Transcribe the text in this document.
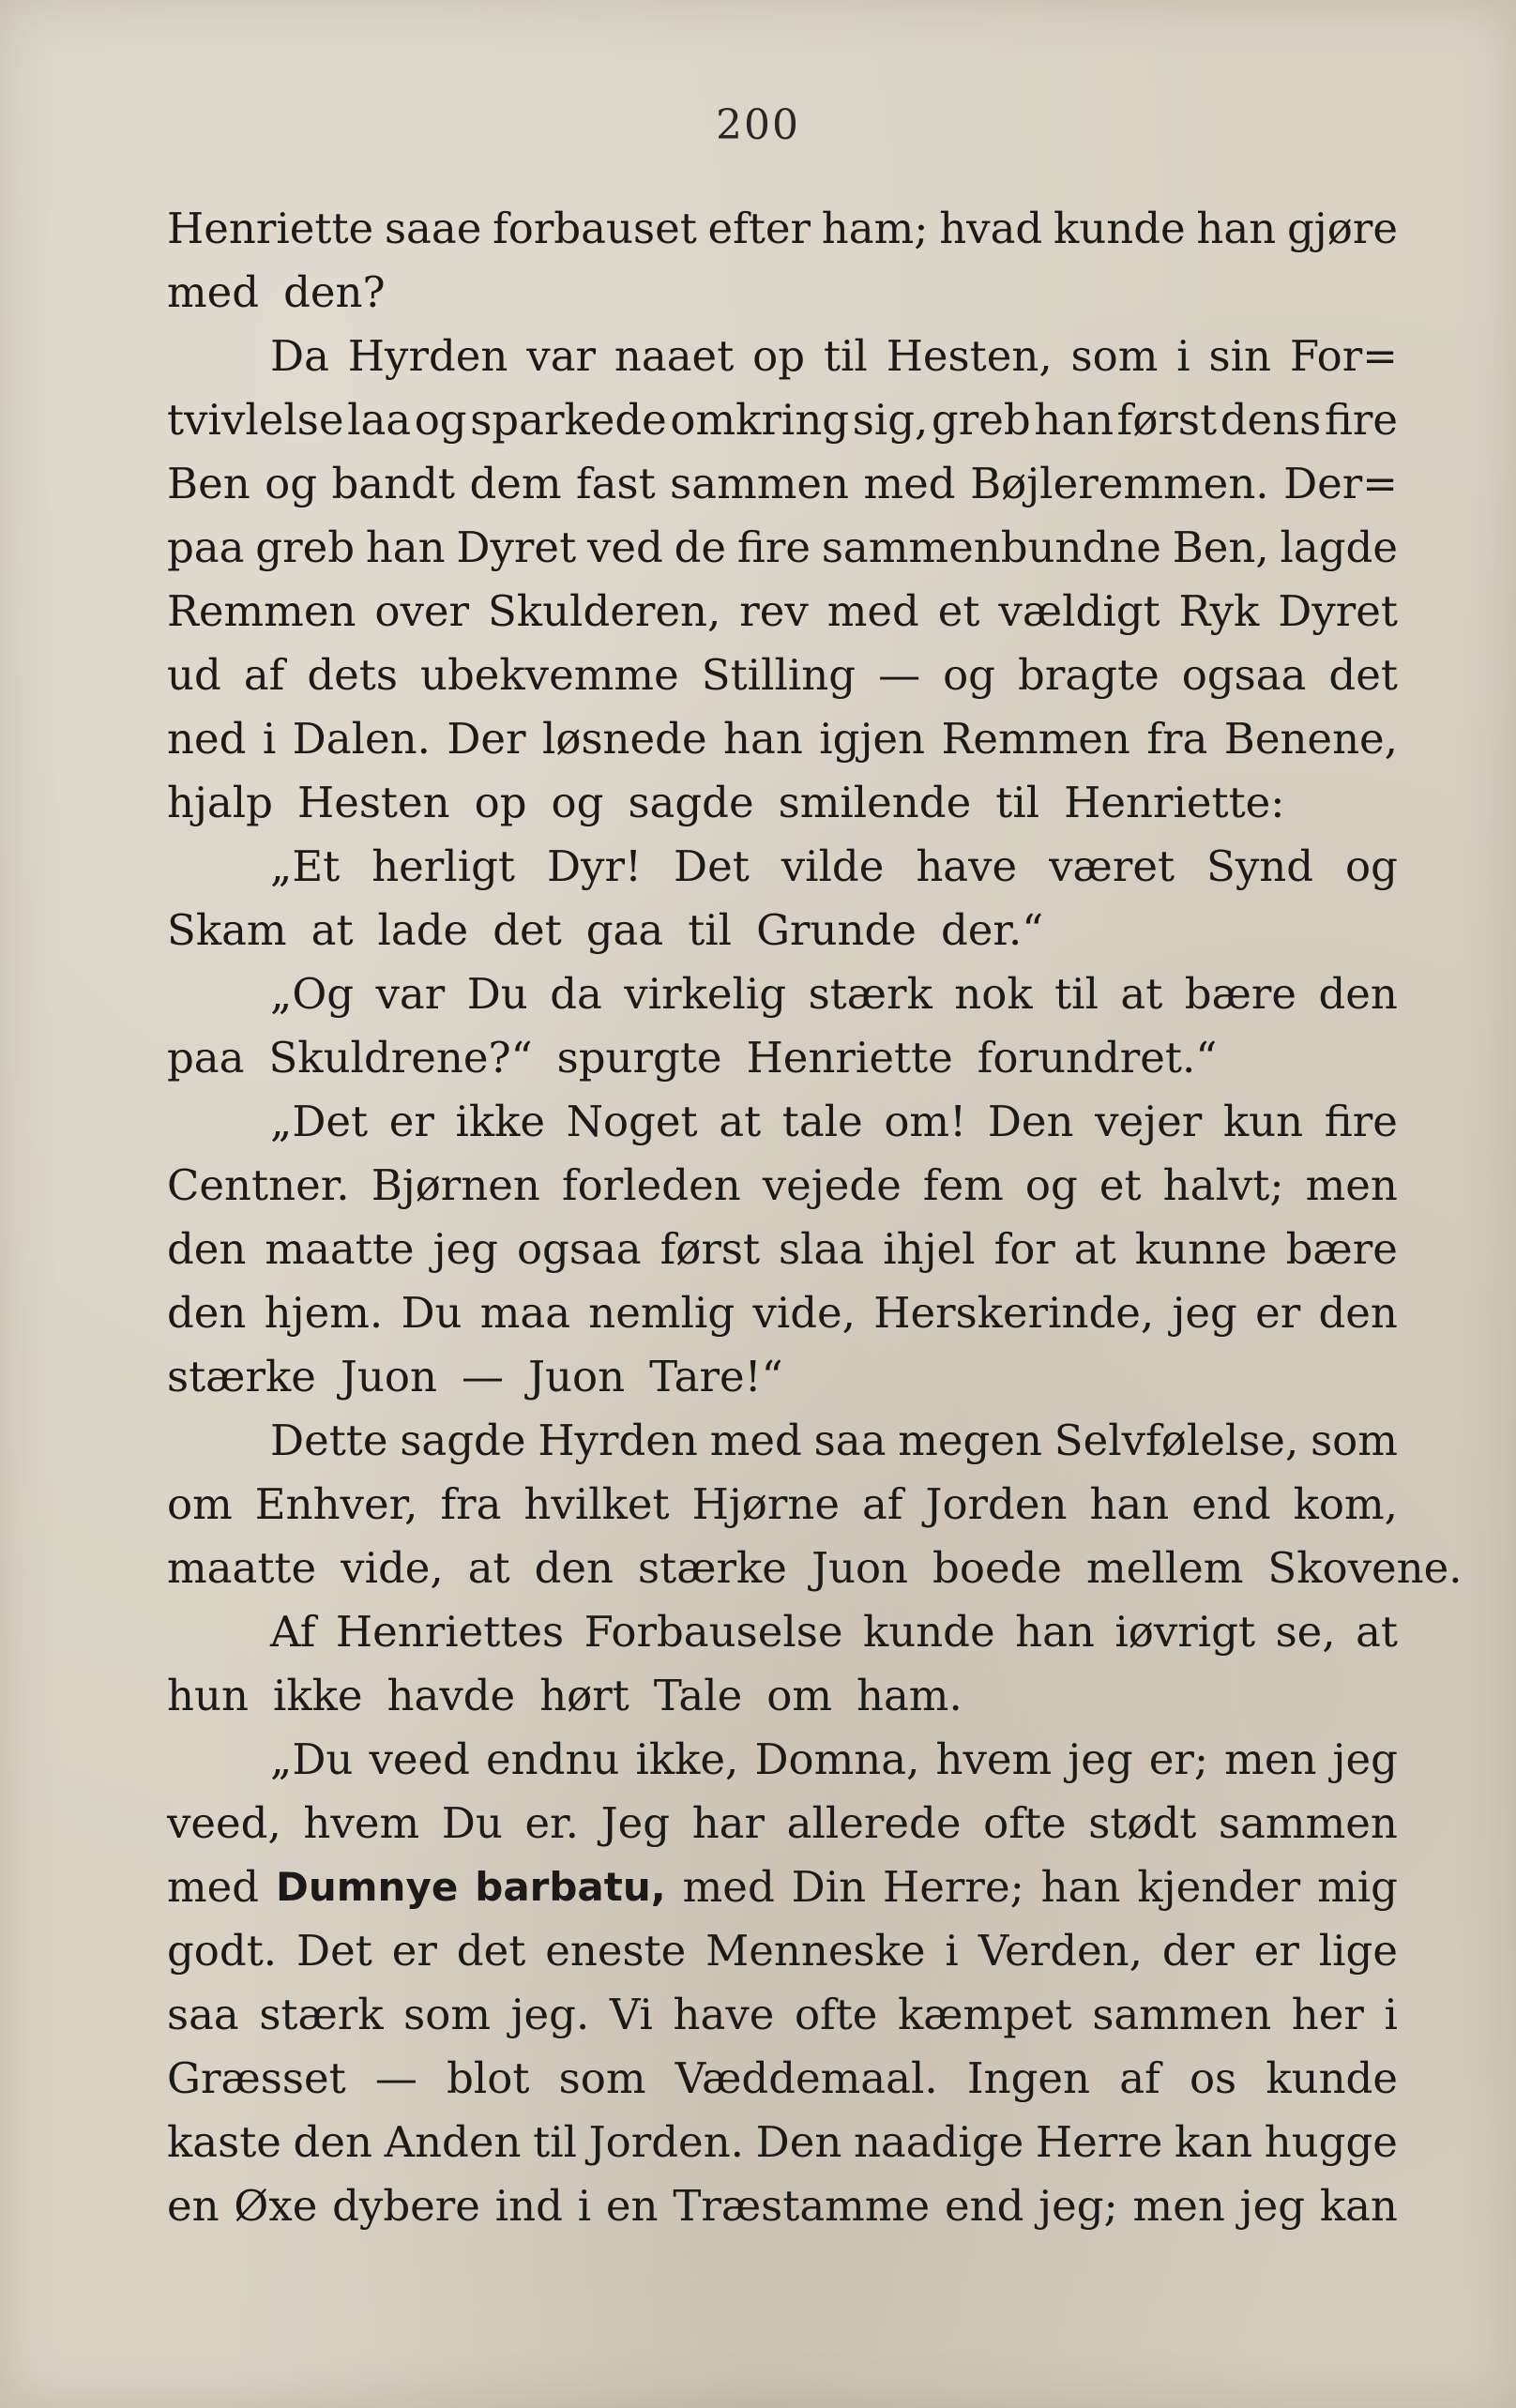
200
Henriette saae forbauset efter ham; hvad kunde han gjøre
med den?
Da Hyrden var naaet op til Hesten, som i sin For=
tvivlelse laa og sparkede omkring sig, greb han først dens fire
Ben og bandt dem fast sammen med Bøjleremmen. Der=
paa greb han Dyret ved de fire sammenbundne Ben, lagde
Remmen over Skulderen, rev med et vældigt Ryk Dyret
ud af dets ubekvemme Stilling — og bragte ogsaa det
ned i Dalen. Der løsnede han igjen Remmen fra Benene,
hjalp Hesten op og sagde smilende til Henriette:
„Et herligt Dyr! Det vilde have været Synd og
Skam at lade det gaa til Grunde der.“
„Og var Du da virkelig stærk nok til at bære den
paa Skuldrene?“ spurgte Henriette forundret.“
„Det er ikke Noget at tale om! Den vejer kun fire
Centner. Bjørnen forleden vejede fem og et halvt; men
den maatte jeg ogsaa først slaa ihjel for at kunne bære
den hjem. Du maa nemlig vide, Herskerinde, jeg er den
stærke Juon — Juon Tare!“
Dette sagde Hyrden med saa megen Selvfølelse, som
om Enhver, fra hvilket Hjørne af Jorden han end kom,
maatte vide, at den stærke Juon boede mellem Skovene.
Af Henriettes Forbauselse kunde han iøvrigt se, at
hun ikke havde hørt Tale om ham.
„Du veed endnu ikke, Domna, hvem jeg er; men jeg
veed, hvem Du er. Jeg har allerede ofte stødt sammen
med Dumnye barbatu, med Din Herre; han kjender mig
godt. Det er det eneste Menneske i Verden, der er lige
saa stærk som jeg. Vi have ofte kæmpet sammen her i
Græsset — blot som Væddemaal. Ingen af os kunde
kaste den Anden til Jorden. Den naadige Herre kan hugge
en Øxe dybere ind i en Træstamme end jeg; men jeg kan
